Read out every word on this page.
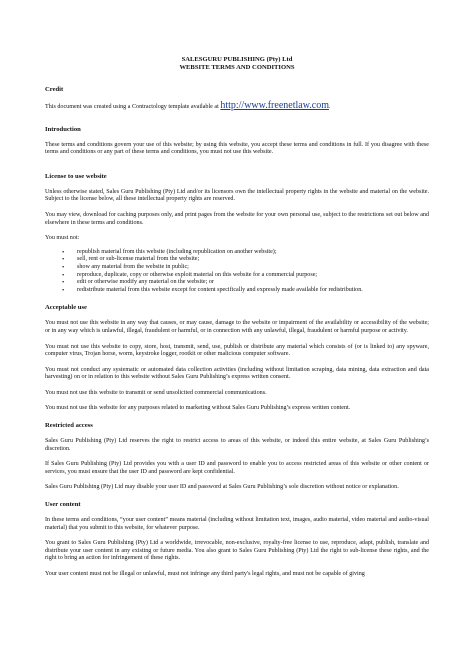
SALESGURU PUBLISHING (Pty) Ltd
WEBSITE TERMS AND CONDITIONS
Credit

This document was created using a Contractology template available at http://www.freenetlaw.com.

Introduction

These terms and conditions govern your use of this website; by using this website, you accept these terms and conditions in full. If you disagree with these terms and conditions or any part of these terms and conditions, you must not use this website.

License to use website

Unless otherwise stated, Sales Guru Publishing (Pty) Ltd and/or its licensors own the intellectual property rights in the website and material on the website. Subject to the license below, all these intellectual property rights are reserved.

You may view, download for caching purposes only, and print pages from the website for your own personal use, subject to the restrictions set out below and elsewhere in these terms and conditions.

You must not:

• republish material from this website (including republication on another website);
• sell, rent or sub-license material from the website;
• show any material from the website in public;
• reproduce, duplicate, copy or otherwise exploit material on this website for a commercial purpose;
• edit or otherwise modify any material on the website; or
• redistribute material from this website except for content specifically and expressly made available for redistribution.
Acceptable use

You must not use this website in any way that causes, or may cause, damage to the website or impairment of the availability or accessibility of the website; or in any way which is unlawful, illegal, fraudulent or harmful, or in connection with any unlawful, illegal, fraudulent or harmful purpose or activity.

You must not use this website to copy, store, host, transmit, send, use, publish or distribute any material which consists of (or is linked to) any spyware, computer virus, Trojan horse, worm, keystroke logger, rootkit or other malicious computer software.

You must not conduct any systematic or automated data collection activities (including without limitation scraping, data mining, data extraction and data harvesting) on or in relation to this website without Sales Guru Publishing’s express written consent.

You must not use this website to transmit or send unsolicited commercial communications.

You must not use this website for any purposes related to marketing without Sales Guru Publishing’s express written content.

Restricted access

Sales Guru Publishing (Pty) Ltd reserves the right to restrict access to areas of this website, or indeed this entire website, at Sales Guru Publishing’s discretion.

If Sales Guru Publishing (Pty) Ltd provides you with a user ID and password to enable you to access restricted areas of this website or other content or services, you must ensure that the user ID and password are kept confidential.

Sales Guru Publishing (Pty) Ltd may disable your user ID and password at Sales Guru Publishing’s sole discretion without notice or explanation.

User content

In these terms and conditions, “your user content” means material (including without limitation text, images, audio material, video material and audio-visual material) that you submit to this website, for whatever purpose.

You grant to Sales Guru Publishing (Pty) Ltd a worldwide, irrevocable, non-exclusive, royalty-free license to use, reproduce, adapt, publish, translate and distribute your user content in any existing or future media. You also grant to Sales Guru Publishing (Pty) Ltd the right to sub-license these rights, and the right to bring an action for infringement of these rights.

Your user content must not be illegal or unlawful, must not infringe any third party's legal rights, and must not be capable of giving
